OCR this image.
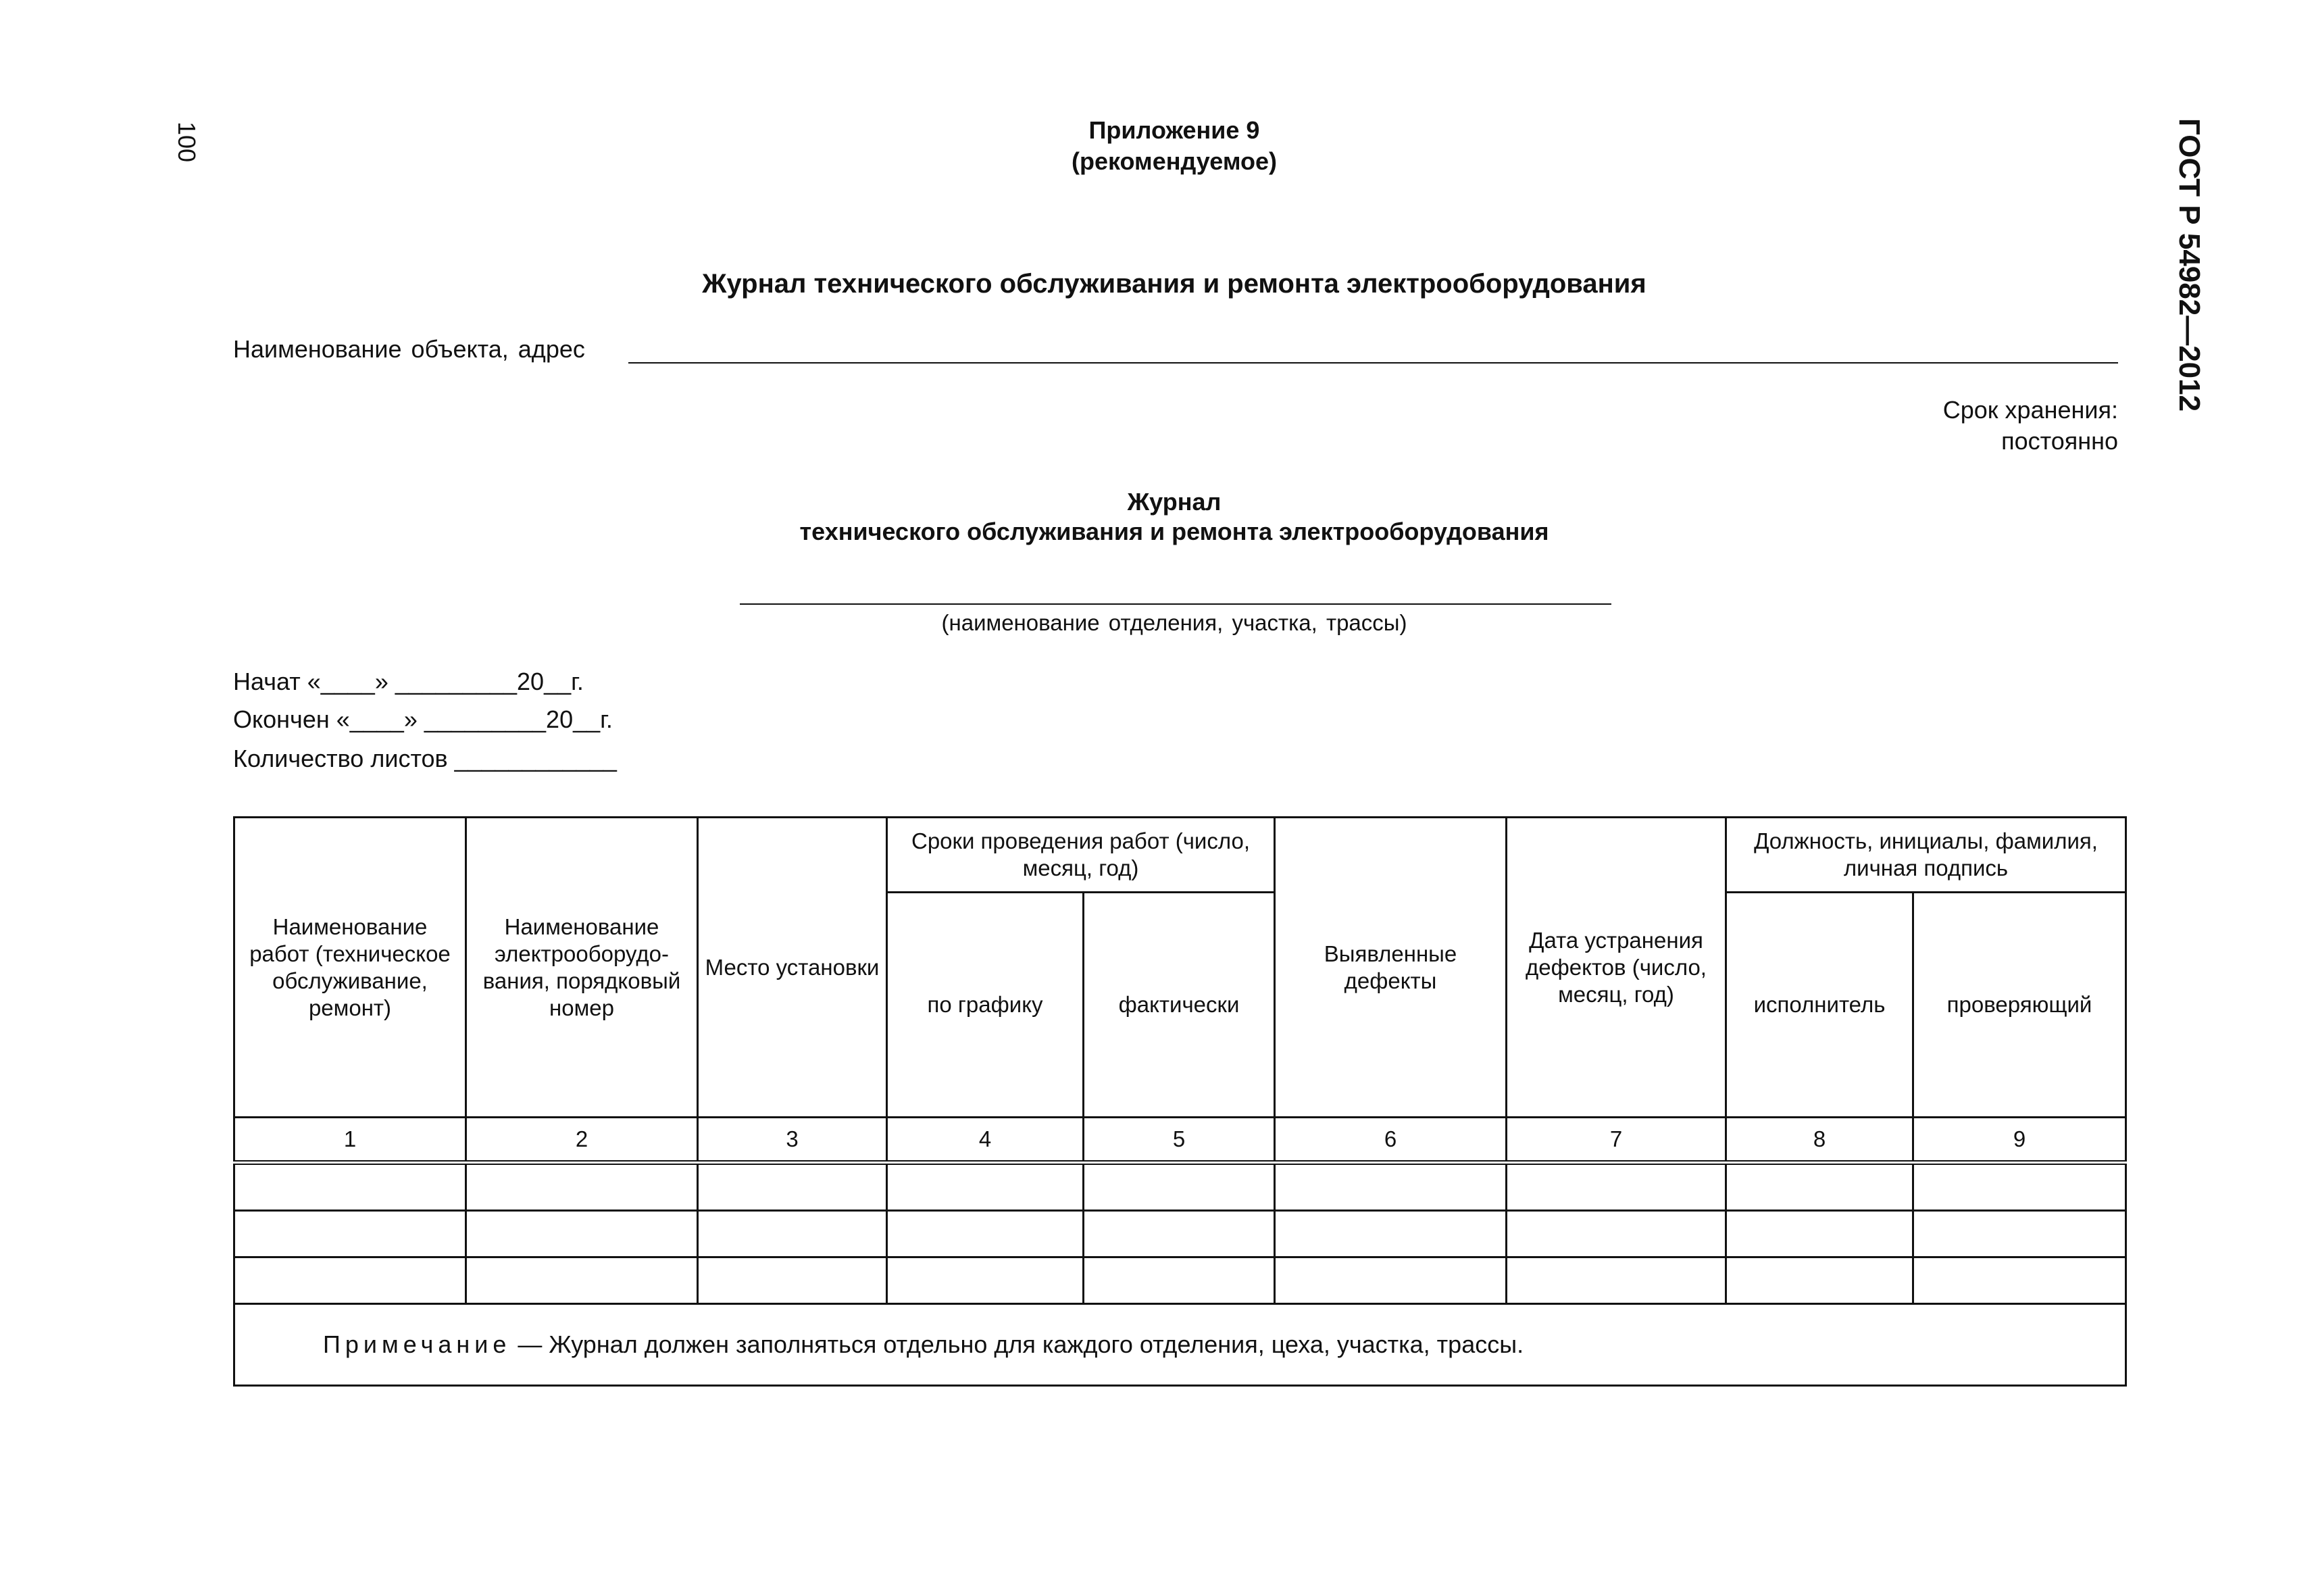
100	ГОСТ Р 54982—2012
Приложение 9
(рекомендуемое)
Журнал технического обслуживания и ремонта электрооборудования
Наименование объекта, адрес
Срок хранения:
постоянно
Журнал
технического обслуживания и ремонта электрооборудования
(наименование отделения, участка, трассы)
Начат «____» _________20__г.
Окончен «____» _________20__г.
Количество листов ____________
Наименование работ (техническое обслуживание, ремонт)	Наименование электрооборудо-вания, порядковый номер	Место установки	Сроки проведения работ (число, месяц, год)		Выявленные дефекты	Дата устранения дефектов (число, месяц, год)	Должность, инициалы, фамилия, личная подпись	

			по графику	фактически			исполнитель	проверяющий

1	2	3	4	5	6	7	8	9

Примечание — Журнал должен заполняться отдельно для каждого отделения, цеха, участка, трассы.								
